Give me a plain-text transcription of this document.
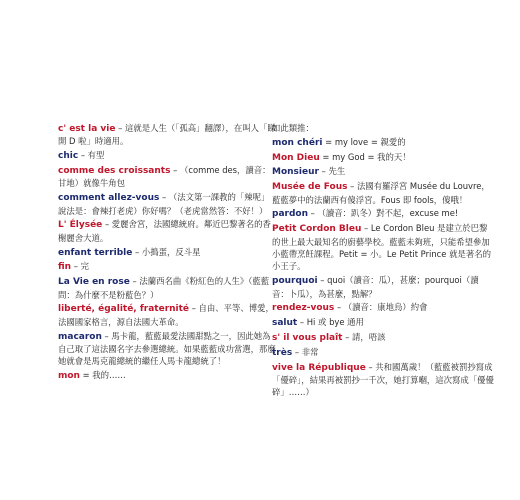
c' est la vie – 這就是人生（「孤高」翻譯），在叫人「睇開 D 啦」時適用。
chic – 有型
comme des croissants – （comme des，讀音：甘地）就像牛角包
comment allez-vous – （法文第一課教的「辣呢」說法是：會辣打老虎）你好嗎？（老虎當然答：不好！）
L' Élysée – 愛麗舍宮，法國總統府。鄰近巴黎著名的香榭麗舍大道。
enfant terrible – 小搗蛋，反斗星
fin – 完
La Vie en rose – 法蘭西名曲《粉紅色的人生》（藍藍問：為什麼不是粉藍色？）
liberté, égalité, fraternité – 自由、平等、博愛，法國國家格言，源自法國大革命。
macaron – 馬卡龍，藍藍最愛法國甜點之一，因此她為自己取了這法國名字去參選總統。如果藍藍成功當選，那麼她就會是馬克龍總統的繼任人馬卡龍總統了！
mon = 我的……
如此類推：
mon chéri = my love = 親愛的
Mon Dieu = my God = 我的天！
Monsieur – 先生
Musée de Fous – 法國有羅浮宮 Musée du Louvre，藍藍夢中的法蘭西有傻浮宮。Fous 即 fools，傻哦！
pardon – （讀音：趴冬）對不起，excuse me!
Petit Cordon Bleu – Le Cordon Bleu 是建立於巴黎的世上最大最知名的廚藝學校。藍藍未夠班，只能希望參加小藍帶烹飪課程。Petit = 小。Le Petit Prince 就是著名的小王子。
pourquoi – quoi（讀音：瓜），甚麼；pourquoi（讀音：卜瓜），為甚麼，點解？
rendez-vous – （讀音：康地烏）約會
salut – Hi 或 bye 通用
s' il vous plaît – 請，唔該
très – 非常
vive la République – 共和國萬歲！（藍藍被罰抄寫成「優碎」，結果再被罰抄一千次，她打算嗰，這次寫成「優優碎」……）
